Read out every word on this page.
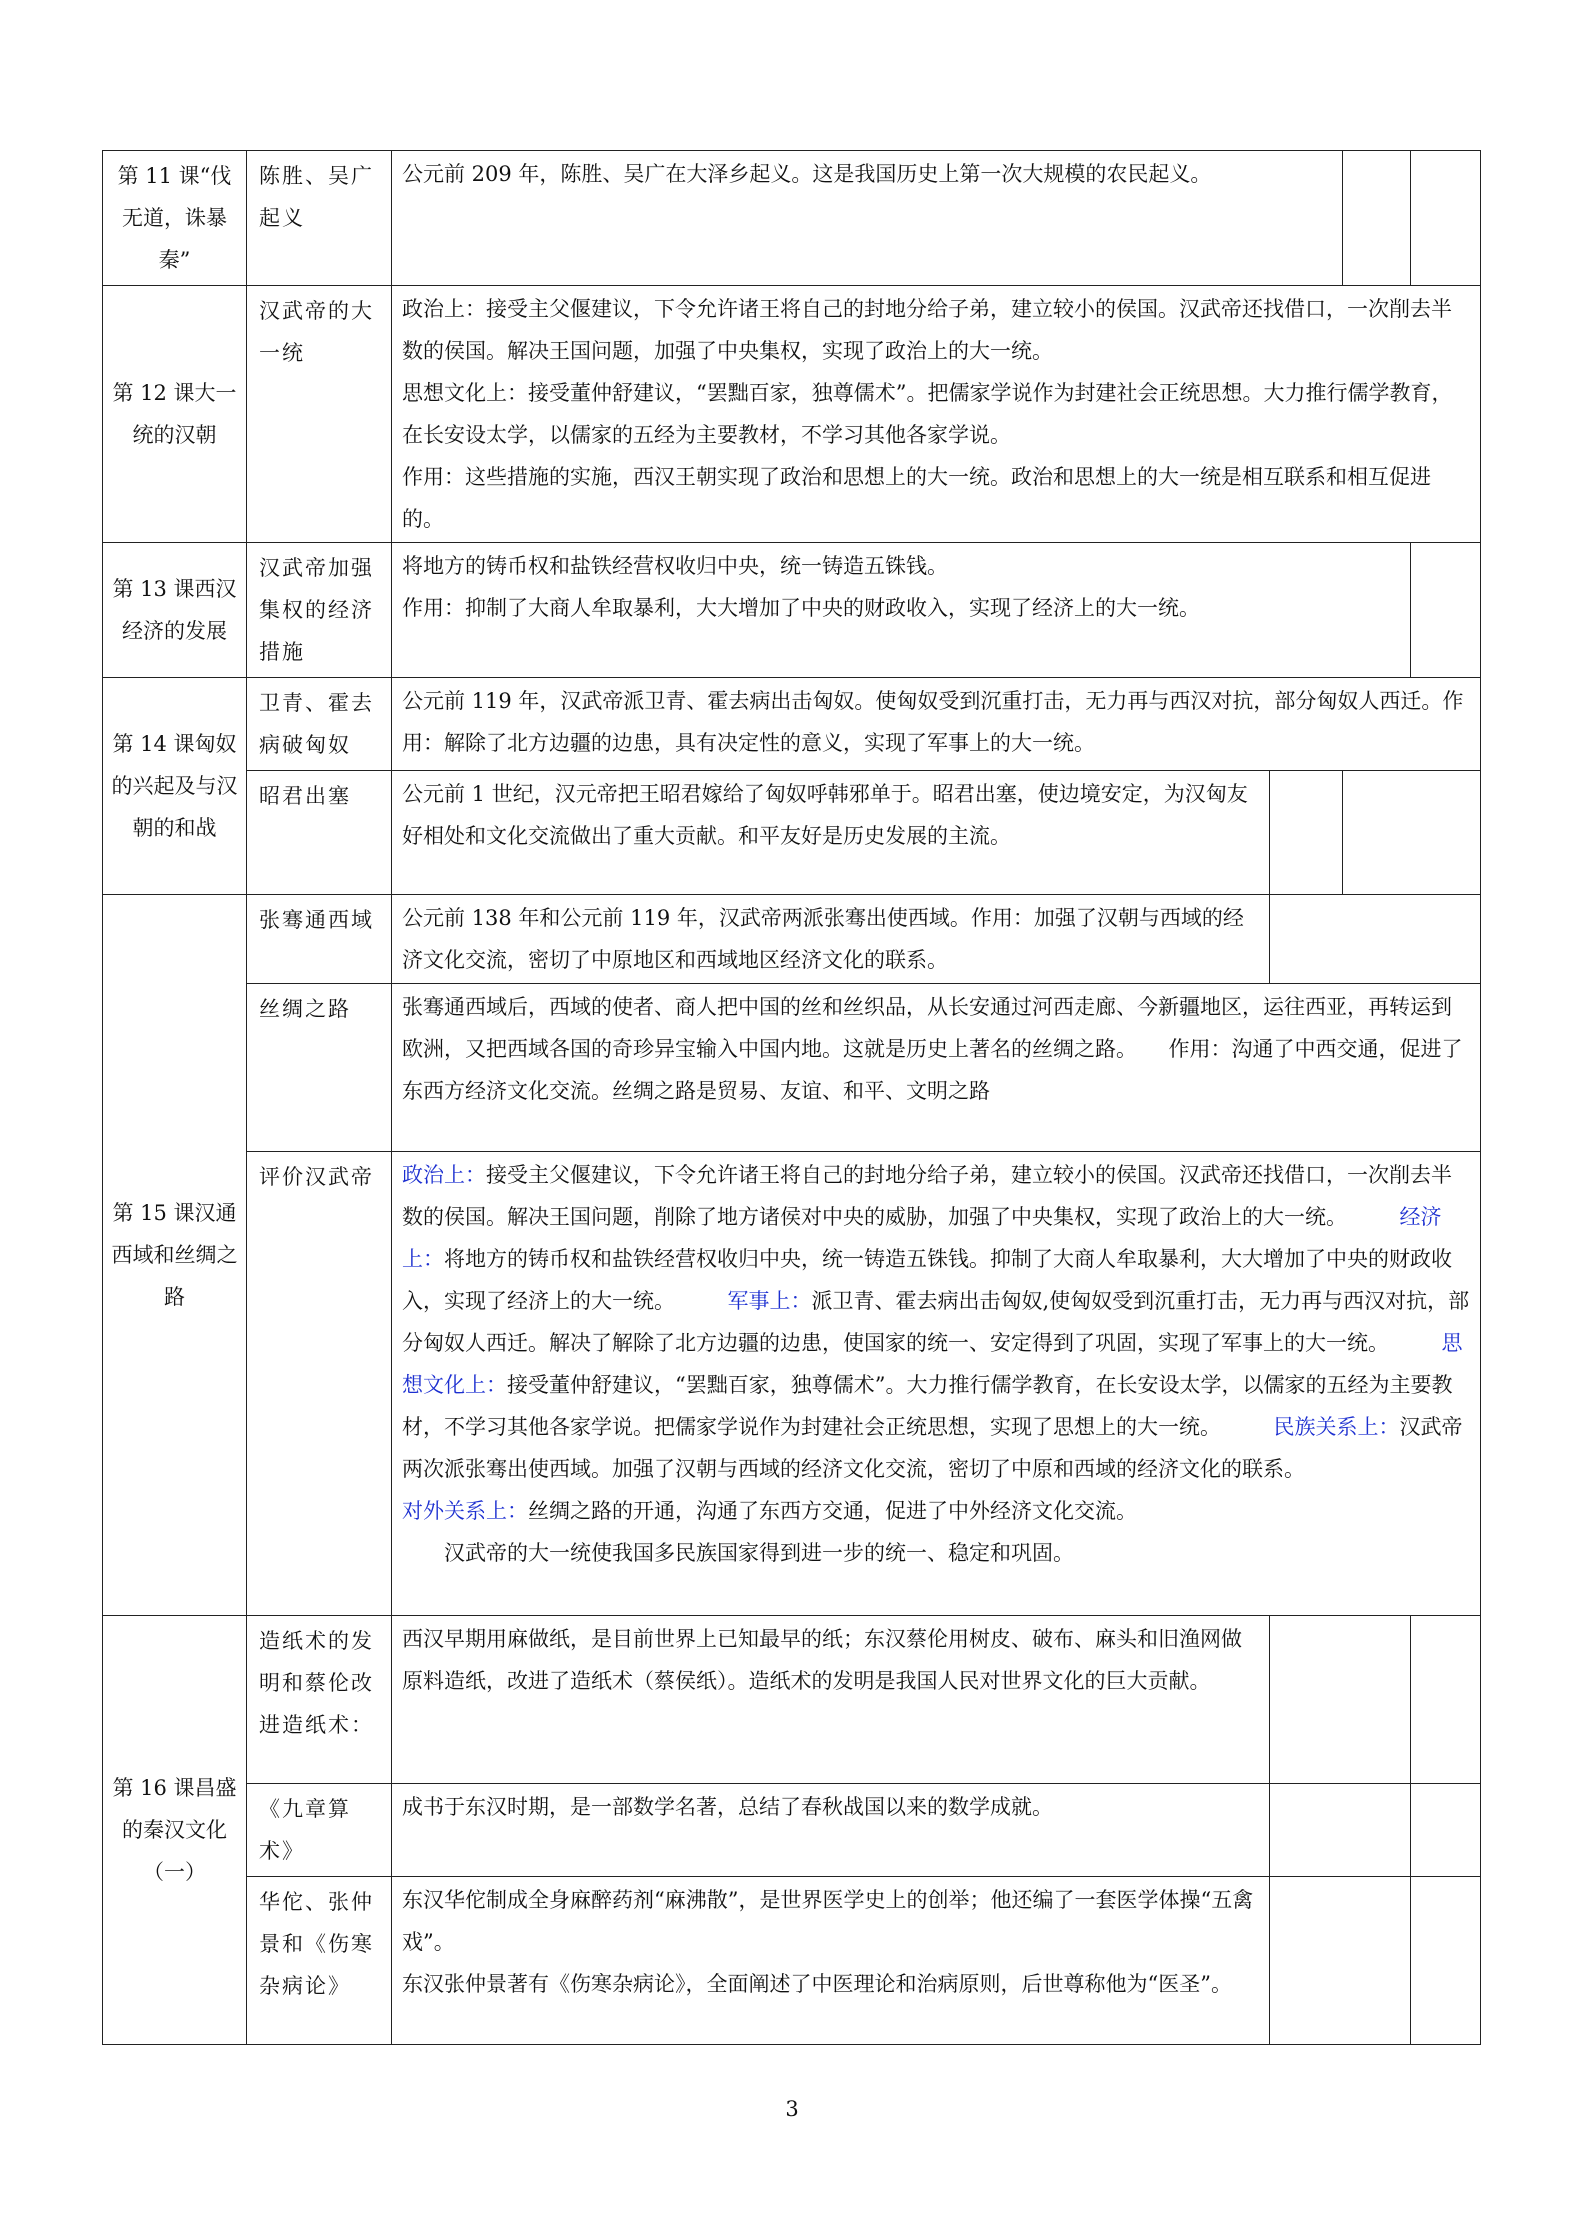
第 11 课“伐无道，诛暴秦”	陈胜、吴广起义	公元前 209 年，陈胜、吴广在大泽乡起义。这是我国历史上第一次大规模的农民起义。				
第 12 课大一统的汉朝	汉武帝的大一统	政治上：接受主父偃建议，下令允许诸王将自己的封地分给子弟，建立较小的侯国。汉武帝还找借口，一次削去半数的侯国。解决王国问题，加强了中央集权，实现了政治上的大一统。
思想文化上：接受董仲舒建议，“罢黜百家，独尊儒术”。把儒家学说作为封建社会正统思想。大力推行儒学教育，在长安设太学，以儒家的五经为主要教材，不学习其他各家学说。
作用：这些措施的实施，西汉王朝实现了政治和思想上的大一统。政治和思想上的大一统是相互联系和相互促进的。				

第 13 课西汉经济的发展	汉武帝加强集权的经济措施	将地方的铸币权和盐铁经营权收归中央，统一铸造五铢钱。
作用：抑制了大商人牟取暴利，大大增加了中央的财政收入，实现了经济上的大一统。				

第 14 课匈奴的兴起及与汉朝的和战	卫青、霍去病破匈奴	公元前 119 年，汉武帝派卫青、霍去病出击匈奴。使匈奴受到沉重打击，无力再与西汉对抗，部分匈奴人西迁。作用：解除了北方边疆的边患，具有决定性的意义，实现了军事上的大一统。				
	昭君出塞	公元前 1 世纪，汉元帝把王昭君嫁给了匈奴呼韩邪单于。昭君出塞，使边境安定，为汉匈友好相处和文化交流做出了重大贡献。和平友好是历史发展的主流。				
第 15 课汉通西域和丝绸之路	张骞通西域	公元前 138 年和公元前 119 年，汉武帝两派张骞出使西域。作用：加强了汉朝与西域的经济文化交流，密切了中原地区和西域地区经济文化的联系。				
	丝绸之路	张骞通西域后，西域的使者、商人把中国的丝和丝织品，从长安通过河西走廊、今新疆地区，运往西亚，再转运到欧洲，又把西域各国的奇珍异宝输入中国内地。这就是历史上著名的丝绸之路。　　作用：沟通了中西交通，促进了东西方经济文化交流。丝绸之路是贸易、友谊、和平、文明之路				
	评价汉武帝	政治上：接受主父偃建议，下令允许诸王将自己的封地分给子弟，建立较小的侯国。汉武帝还找借口，一次削去半数的侯国。解决王国问题，削除了地方诸侯对中央的威胁，加强了中央集权，实现了政治上的大一统。　　　 经济上：将地方的铸币权和盐铁经营权收归中央，统一铸造五铢钱。抑制了大商人牟取暴利，大大增加了中央的财政收入，实现了经济上的大一统。　　　 军事上：派卫青、霍去病出击匈奴,使匈奴受到沉重打击，无力再与西汉对抗，部分匈奴人西迁。解决了解除了北方边疆的边患，使国家的统一、安定得到了巩固，实现了军事上的大一统。　　　 思想文化上：接受董仲舒建议，“罢黜百家，独尊儒术”。大力推行儒学教育，在长安设太学，以儒家的五经为主要教材，不学习其他各家学说。把儒家学说作为封建社会正统思想，实现了思想上的大一统。　　　 民族关系上：汉武帝两次派张骞出使西域。加强了汉朝与西域的经济文化交流，密切了中原和西域的经济文化的联系。
对外关系上：丝绸之路的开通，沟通了东西方交通，促进了中外经济文化交流。
汉武帝的大一统使我国多民族国家得到进一步的统一、稳定和巩固。				

第 16 课昌盛的秦汉文化（一）	造纸术的发明和蔡伦改进造纸术：	西汉早期用麻做纸，是目前世界上已知最早的纸；东汉蔡伦用树皮、破布、麻头和旧渔网做原料造纸，改进了造纸术（蔡侯纸）。造纸术的发明是我国人民对世界文化的巨大贡献。				
	《九章算术》	成书于东汉时期，是一部数学名著，总结了春秋战国以来的数学成就。				
	华佗、张仲景和《伤寒杂病论》	东汉华佗制成全身麻醉药剂“麻沸散”，是世界医学史上的创举；他还编了一套医学体操“五禽戏”。
东汉张仲景著有《伤寒杂病论》，全面阐述了中医理论和治病原则，后世尊称他为“医圣”。				

3
